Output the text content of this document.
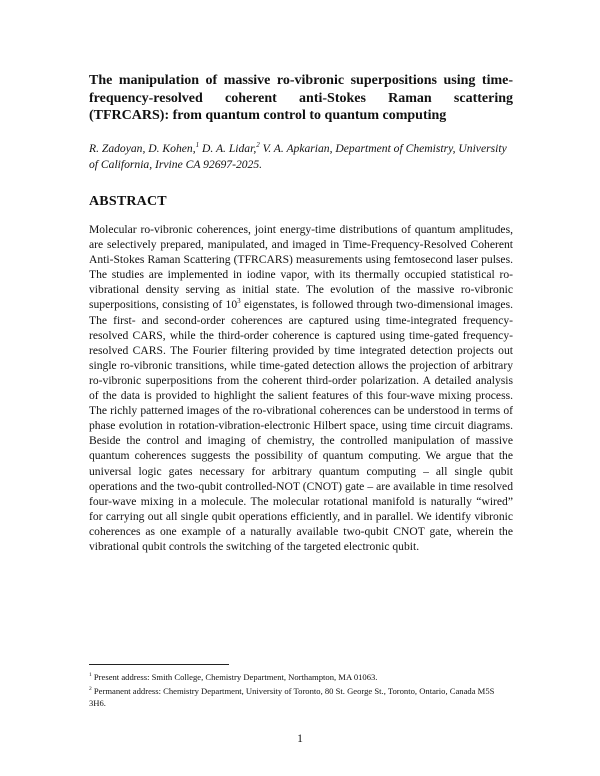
The manipulation of massive ro-vibronic superpositions using time-frequency-resolved coherent anti-Stokes Raman scattering (TFRCARS): from quantum control to quantum computing

R. Zadoyan, D. Kohen,$^1$ D. A. Lidar,$^2$ V. A. Apkarian, Department of Chemistry, University of California, Irvine CA 92697-2025.

ABSTRACT

Molecular ro-vibronic coherences, joint energy-time distributions of quantum amplitudes, are selectively prepared, manipulated, and imaged in Time-Frequency-Resolved Coherent Anti-Stokes Raman Scattering (TFRCARS) measurements using femtosecond laser pulses. The studies are implemented in iodine vapor, with its thermally occupied statistical ro-vibrational density serving as initial state. The evolution of the massive ro-vibronic superpositions, consisting of $10^3$ eigenstates, is followed through two-dimensional images. The first- and second-order coherences are captured using time-integrated frequency-resolved CARS, while the third-order coherence is captured using time-gated frequency-resolved CARS. The Fourier filtering provided by time integrated detection projects out single ro-vibronic transitions, while time-gated detection allows the projection of arbitrary ro-vibronic superpositions from the coherent third-order polarization. A detailed analysis of the data is provided to highlight the salient features of this four-wave mixing process. The richly patterned images of the ro-vibrational coherences can be understood in terms of phase evolution in rotation-vibration-electronic Hilbert space, using time circuit diagrams. Beside the control and imaging of chemistry, the controlled manipulation of massive quantum coherences suggests the possibility of quantum computing. We argue that the universal logic gates necessary for arbitrary quantum computing – all single qubit operations and the two-qubit controlled-NOT (CNOT) gate – are available in time resolved four-wave mixing in a molecule. The molecular rotational manifold is naturally “wired” for carrying out all single qubit operations efficiently, and in parallel. We identify vibronic coherences as one example of a naturally available two-qubit CNOT gate, wherein the vibrational qubit controls the switching of the targeted electronic qubit.

$^1$ Present address: Smith College, Chemistry Department, Northampton, MA 01063.

$^2$ Permanent address: Chemistry Department, University of Toronto, 80 St. George St., Toronto, Ontario, Canada M5S 3H6.

1
